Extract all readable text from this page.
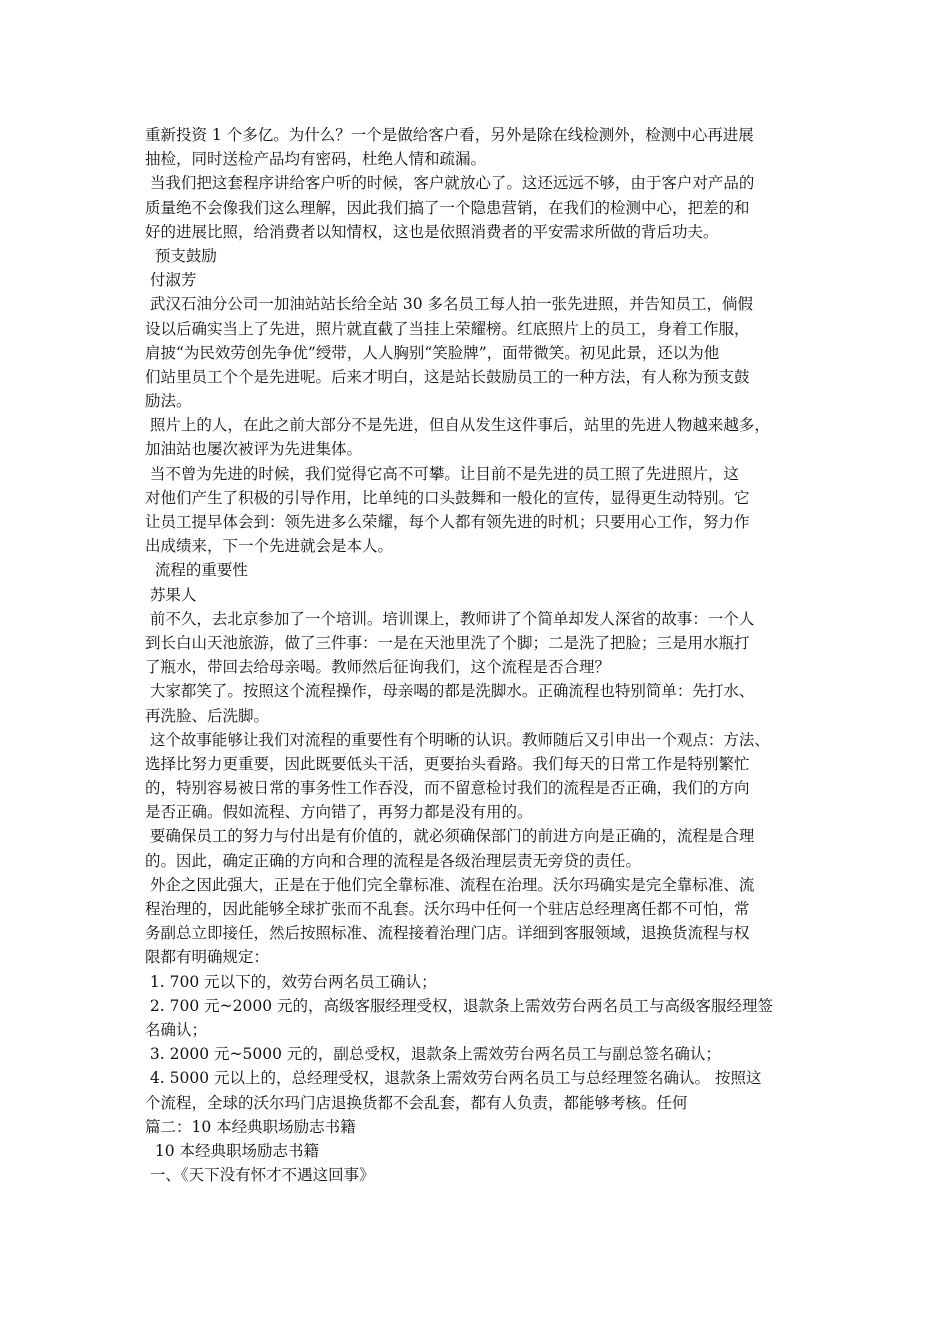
重新投资 1 个多亿。为什么？一个是做给客户看，另外是除在线检测外，检测中心再进展
抽检，同时送检产品均有密码，杜绝人情和疏漏。
当我们把这套程序讲给客户听的时候，客户就放心了。这还远远不够，由于客户对产品的
质量绝不会像我们这么理解，因此我们搞了一个隐患营销，在我们的检测中心，把差的和
好的进展比照，给消费者以知情权，这也是依照消费者的平安需求所做的背后功夫。
预支鼓励
付淑芳
武汉石油分公司一加油站站长给全站 30 多名员工每人拍一张先进照，并告知员工，倘假
设以后确实当上了先进，照片就直截了当挂上荣耀榜。红底照片上的员工，身着工作服，
肩披“为民效劳创先争优”绶带，人人胸别“笑脸牌”，面带微笑。初见此景，还以为他
们站里员工个个是先进呢。后来才明白，这是站长鼓励员工的一种方法，有人称为预支鼓
励法。
照片上的人，在此之前大部分不是先进，但自从发生这件事后，站里的先进人物越来越多，
加油站也屡次被评为先进集体。
当不曾为先进的时候，我们觉得它高不可攀。让目前不是先进的员工照了先进照片，这
对他们产生了积极的引导作用，比单纯的口头鼓舞和一般化的宣传，显得更生动特别。它
让员工提早体会到：领先进多么荣耀，每个人都有领先进的时机；只要用心工作，努力作
出成绩来，下一个先进就会是本人。
流程的重要性
苏果人
前不久，去北京参加了一个培训。培训课上，教师讲了个简单却发人深省的故事：一个人
到长白山天池旅游，做了三件事：一是在天池里洗了个脚；二是洗了把脸；三是用水瓶打
了瓶水，带回去给母亲喝。教师然后征询我们，这个流程是否合理？
大家都笑了。按照这个流程操作，母亲喝的都是洗脚水。正确流程也特别简单：先打水、
再洗脸、后洗脚。
这个故事能够让我们对流程的重要性有个明晰的认识。教师随后又引申出一个观点：方法、
选择比努力更重要，因此既要低头干活，更要抬头看路。我们每天的日常工作是特别繁忙
的，特别容易被日常的事务性工作吞没，而不留意检讨我们的流程是否正确，我们的方向
是否正确。假如流程、方向错了，再努力都是没有用的。
要确保员工的努力与付出是有价值的，就必须确保部门的前进方向是正确的，流程是合理
的。因此，确定正确的方向和合理的流程是各级治理层责无旁贷的责任。
外企之因此强大，正是在于他们完全靠标准、流程在治理。沃尔玛确实是完全靠标准、流
程治理的，因此能够全球扩张而不乱套。沃尔玛中任何一个驻店总经理离任都不可怕，常
务副总立即接任，然后按照标准、流程接着治理门店。详细到客服领域，退换货流程与权
限都有明确规定：
1. 700 元以下的，效劳台两名员工确认；
2. 700 元~2000 元的，高级客服经理受权，退款条上需效劳台两名员工与高级客服经理签
名确认；
3. 2000 元~5000 元的，副总受权，退款条上需效劳台两名员工与副总签名确认；
4. 5000 元以上的，总经理受权，退款条上需效劳台两名员工与总经理签名确认。 按照这
个流程，全球的沃尔玛门店退换货都不会乱套，都有人负责，都能够考核。任何
篇二：10 本经典职场励志书籍
10 本经典职场励志书籍
一、《天下没有怀才不遇这回事》
